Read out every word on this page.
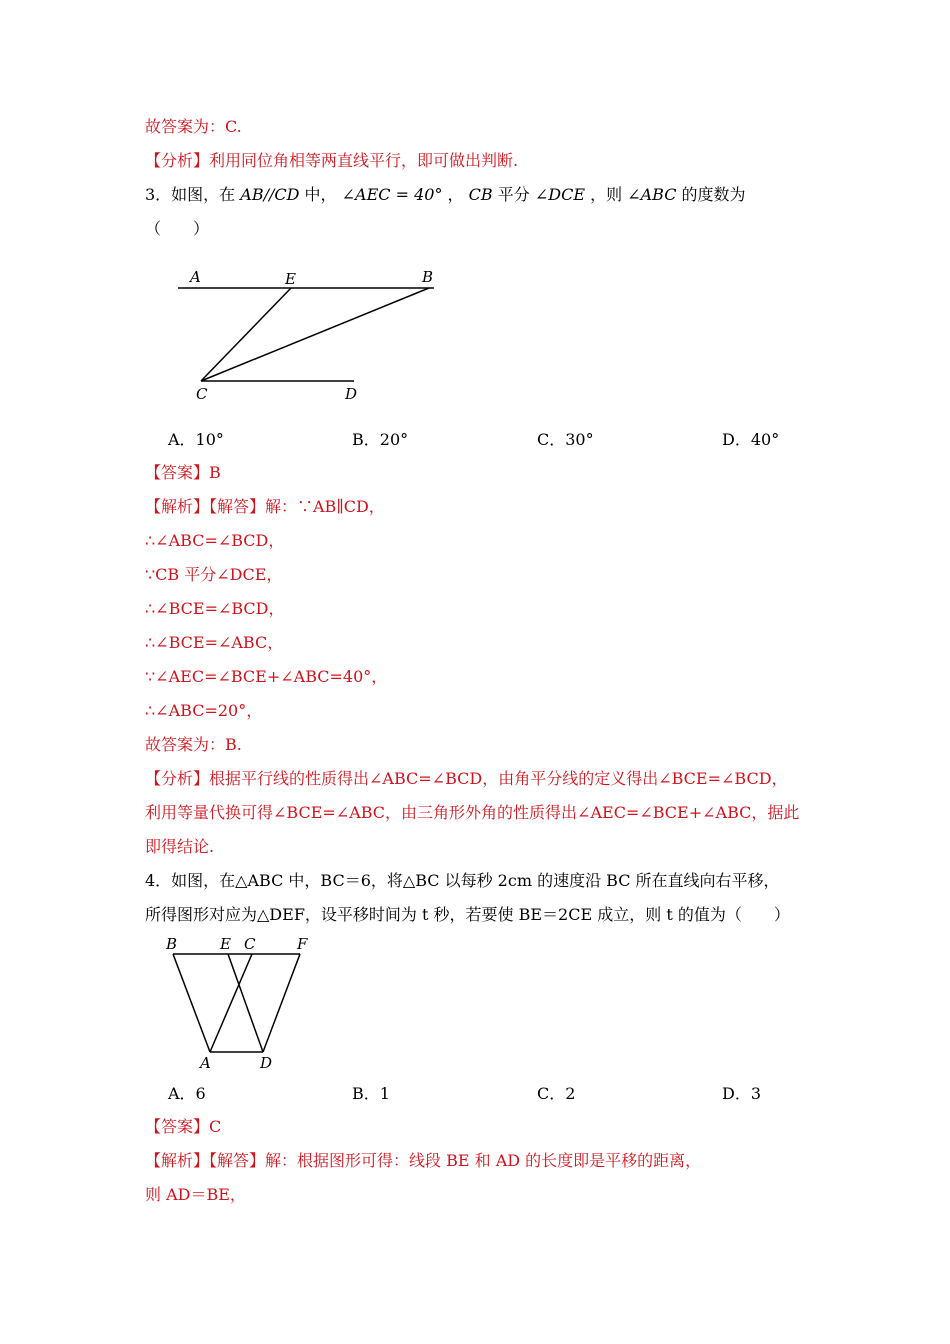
故答案为：C.
【分析】利用同位角相等两直线平行，即可做出判断.
3．如图，在 AB//CD 中， ∠AEC = 40° ， CB 平分 ∠DCE ，则 ∠ABC 的度数为
（　　）
A	E	B
C	D
A．10°	B．20°	C．30°	D．40°
【答案】B
【解析】【解答】解：∵AB∥CD，
∴∠ABC=∠BCD，
∵CB 平分∠DCE，
∴∠BCE=∠BCD，
∴∠BCE=∠ABC，
∵∠AEC=∠BCE+∠ABC=40°，
∴∠ABC=20°，
故答案为：B.
【分析】根据平行线的性质得出∠ABC=∠BCD，由角平分线的定义得出∠BCE=∠BCD，
利用等量代换可得∠BCE=∠ABC，由三角形外角的性质得出∠AEC=∠BCE+∠ABC，据此
即得结论.
4．如图，在△ABC 中，BC＝6，将△BC 以每秒 2cm 的速度沿 BC 所在直线向右平移，
所得图形对应为△DEF，设平移时间为 t 秒，若要使 BE＝2CE 成立，则 t 的值为（　　）
B	E C	F
A	D
A．6	B．1	C．2	D．3
【答案】C
【解析】【解答】解：根据图形可得：线段 BE 和 AD 的长度即是平移的距离，
则 AD＝BE，
